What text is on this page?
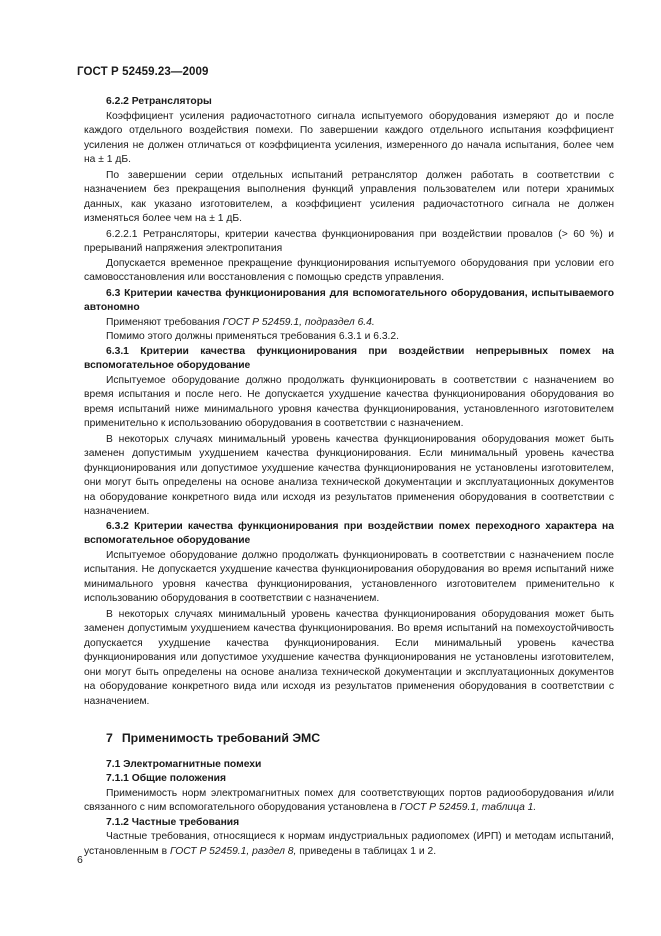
ГОСТ Р 52459.23—2009

6.2.2 Ретрансляторы

Коэффициент усиления радиочастотного сигнала испытуемого оборудования измеряют до и после каждого отдельного воздействия помехи. По завершении каждого отдельного испытания коэффициент усиления не должен отличаться от коэффициента усиления, измеренного до начала испытания, более чем на ± 1 дБ.

По завершении серии отдельных испытаний ретранслятор должен работать в соответствии с назначением без прекращения выполнения функций управления пользователем или потери хранимых данных, как указано изготовителем, а коэффициент усиления радиочастотного сигнала не должен изменяться более чем на ± 1 дБ.

6.2.2.1 Ретрансляторы, критерии качества функционирования при воздействии провалов (> 60 %) и прерываний напряжения электропитания

Допускается временное прекращение функционирования испытуемого оборудования при условии его самовосстановления или восстановления с помощью средств управления.

6.3 Критерии качества функционирования для вспомогательного оборудования, испытываемого автономно

Применяют требования ГОСТ Р 52459.1, подраздел 6.4.

Помимо этого должны применяться требования 6.3.1 и 6.3.2.

6.3.1 Критерии качества функционирования при воздействии непрерывных помех на вспомогательное оборудование

Испытуемое оборудование должно продолжать функционировать в соответствии с назначением во время испытания и после него. Не допускается ухудшение качества функционирования оборудования во время испытаний ниже минимального уровня качества функционирования, установленного изготовителем применительно к использованию оборудования в соответствии с назначением.

В некоторых случаях минимальный уровень качества функционирования оборудования может быть заменен допустимым ухудшением качества функционирования. Если минимальный уровень качества функционирования или допустимое ухудшение качества функционирования не установлены изготовителем, они могут быть определены на основе анализа технической документации и эксплуатационных документов на оборудование конкретного вида или исходя из результатов применения оборудования в соответствии с назначением.

6.3.2 Критерии качества функционирования при воздействии помех переходного характера на вспомогательное оборудование

Испытуемое оборудование должно продолжать функционировать в соответствии с назначением после испытания. Не допускается ухудшение качества функционирования оборудования во время испытаний ниже минимального уровня качества функционирования, установленного изготовителем применительно к использованию оборудования в соответствии с назначением.

В некоторых случаях минимальный уровень качества функционирования оборудования может быть заменен допустимым ухудшением качества функционирования. Во время испытаний на помехоустойчивость допускается ухудшение качества функционирования. Если минимальный уровень качества функционирования или допустимое ухудшение качества функционирования не установлены изготовителем, они могут быть определены на основе анализа технической документации и эксплуатационных документов на оборудование конкретного вида или исходя из результатов применения оборудования в соответствии с назначением.

7 Применимость требований ЭМС

7.1 Электромагнитные помехи

7.1.1 Общие положения

Применимость норм электромагнитных помех для соответствующих портов радиооборудования и/или связанного с ним вспомогательного оборудования установлена в ГОСТ Р 52459.1, таблица 1.

7.1.2 Частные требования

Частные требования, относящиеся к нормам индустриальных радиопомех (ИРП) и методам испытаний, установленным в ГОСТ Р 52459.1, раздел 8, приведены в таблицах 1 и 2.

6
